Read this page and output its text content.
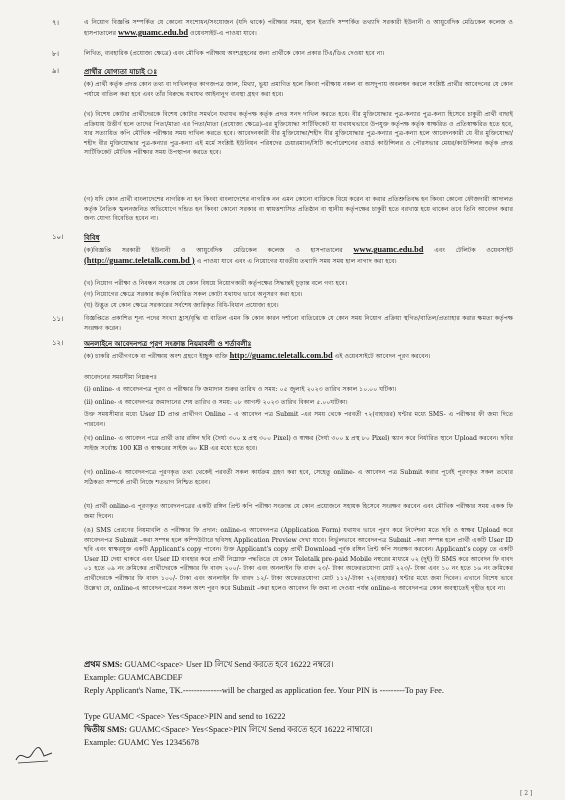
৭।	এ নিয়োগ বিজ্ঞপ্তি সম্পর্কিত যে কোনো সংশোধন/সংযোজন (যদি থাকে) পরীক্ষার সময়, স্থান ইত্যাদি সম্পর্কিত তথ্যাদি সরকারী ইউনানী ও আয়ুর্বেদিক মেডিকেল কলেজ ও হাসপাতালের www.guamc.edu.bd ওয়েবসাইট-এ পাওয়া যাবে।
৮।	লিখিত, ব্যবহারিক (প্রযোজ্য ক্ষেত্রে) এবং মৌখিক পরীক্ষায় অংশগ্রহনের জন্য প্রার্থীকে কোন প্রকার টিএ/ডিএ দেওয়া হবে না।
৯।	প্রার্থীর যোগ্যতা যাচাই ঃ
(ক) প্রার্থী কর্তৃক প্রদত্ত কোন তথ্য বা দাখিলকৃত কাগজপত্র জাল, মিথ্যা, ভুয়া প্রমাণিত হলে কিংবা পরীক্ষায় নকল বা অসদুপায় অবলম্বন করলে সংশ্লিষ্ট প্রার্থীর আবেদনের যে কোন পর্যায়ে বাতিল করা হবে এবং তাঁর বিরুদ্ধে যথাযথ আইনানুগ ব্যবস্থা গ্রহণ করা হবে।
(খ) বিশেষ কোটার প্রার্থীদেরকে বিশেষ কোটার সমর্থনে যথাযথ কর্তৃপক্ষ কর্তৃক প্রদত্ত সনদ দাখিল করতে হবে। বীর মুক্তিযোদ্ধার পুত্র-কন্যার পুত্র-কন্যা হিসেবে চাকুরী প্রার্থী বাছাই প্রক্রিয়ায় উত্তীর্ণ হলে তাদের পিতা/মাতা এর পিতা/মাতা (প্রযোজ্য ক্ষেত্রে)-এর মুক্তিযোদ্ধা সার্টিফিকেট যা যথাযথভাবে উপযুক্ত কর্তৃপক্ষ কর্তৃক স্বাক্ষরিত ও প্রতিস্বাক্ষরিত হতে হবে, যার সত্যায়িত কপি মৌখিক পরীক্ষার সময় দাখিল করতে হবে। আবেদনকারী বীর মুক্তিযোদ্ধা/শহীদ বীর মুক্তিযোদ্ধার পুত্র-কন্যার পুত্র-কন্যা হলে আবেদনকারী যে বীর মুক্তিযোদ্ধা/শহীদ বীর মুক্তিযোদ্ধার পুত্র-কন্যার পুত্র-কন্যা এই মর্মে সংশ্লিষ্ট ইউনিয়ন পরিষদের চেয়ারম্যান/সিটি কর্পোরেশনের ওয়ার্ড কাউন্সিলর ও পৌরসভার মেয়র/কাউন্সিলর কর্তৃক প্রদত্ত সার্টিফিকেট মৌখিক পরীক্ষার সময় উপস্থাপন করতে হবে।
(গ) যদি কোন প্রার্থী বাংলাদেশের নাগরিক না হন কিংবা বাংলাদেশের নাগরিক নন এমন কোনো ব্যক্তিকে বিয়ে করেন বা করার প্রতিশ্রুতিবদ্ধ হন কিংবা কোনো ফৌজদারী আদালত কর্তৃক নৈতিক স্খলনজনিত অভিযোগে দন্ডিত হন কিংবা কোনো সরকার বা স্বায়ত্তশাসিত প্রতিষ্ঠান বা স্থানীয় কর্তৃপক্ষের চাকুরী হতে বরখাস্ত হয়ে থাকেন তবে তিনি আবেদন করার জন্য যোগ্য বিবেচিত হবেন না।
১০।	বিবিধ
(ক)বিজ্ঞপ্তি সরকারী ইউনানী ও আয়ুর্বেদিক মেডিকেল কলেজ ও হাসপাতালের www.guamc.edu.bd এবং টেলিটক ওয়েবসাইট (http://guamc.teletalk.com.bd ) এ পাওয়া যাবে এবং এ নিয়োগের যাবতীয় তথ্যাদি সময় সময় হাল নাগাদ করা হবে।
(খ) নিয়োগ পরীক্ষা ও নিবন্ধন সংক্রান্ত যে কোন বিষয়ে নিয়োগকারী কর্তৃপক্ষের সিদ্ধান্তই চূড়ান্ত বলে গণ্য হবে।
(গ) নিয়োগের ক্ষেত্রে সরকার কর্তৃক নির্ধারিত সকল কোটা যথাযথ ভাবে অনুসরণ করা হবে।
(ঘ) উদ্ভূত যে কোন ক্ষেত্রে সরকারের সর্বশেষ জারিকৃত বিধি-বিধান প্রযোজ্য হবে।
১১।	বিজ্ঞপ্তিতে প্রকাশিত শূন্য পদের সংখ্যা হ্রাস/বৃদ্ধি বা বাতিল এমন কি কোন কারন দর্শানো ব্যতিরেকে যে কোন সময় নিয়োগ প্রক্রিয়া স্থগিত/বাতিল/প্রত্যাহার করার ক্ষমতা কর্তৃপক্ষ সংরক্ষণ করেন।
১২।	অনলাইনে আবেদনপত্র পূরণ সংক্রান্ত নিয়মাবলী ও শর্তাবলীঃ
(ক) চাকরি প্রার্থীগণকে বা পরীক্ষায় অংশ গ্রহণে ইচ্ছুক ব্যক্তি http://guamc.teletalk.com.bd এই ওয়েবসাইটে আবেদন পূরণ করবেন।
আবেদনের সময়সীমা নিম্নরূপঃ
(i) online- এ আবেদনপত্র পূরণ ও পরীক্ষার ফি জমাদান শুরুর তারিখ ও সময়: ০৫ জুলাই ২০২৩ তারিখ সকাল ১০.০০ ঘটিকা।
(ii) online- এ আবেদনপত্র জমাদানের শেষ তারিখ ও সময়: ০৮ আগস্ট ২০২৩ তারিখ বিকাল ৫.০০ঘটিকা।
উক্ত সময়সীমার মধ্যে User ID প্রাপ্ত প্রার্থীগণ Online – এ আবেদন পত্র Submit -এর সময় থেকে পরবর্তী ৭২(বাহাত্তর) ঘন্টার মধ্যে SMS- এ পরীক্ষার ফী জমা দিতে পারবেন।
(খ) online- এ আবেদন পত্রে প্রার্থী তার রঙ্গিন ছবি (দৈর্ঘ্য ৩০০ x প্রস্থ ৩০০ Pixel) ও স্বাক্ষর (দৈর্ঘ্য ৩০০ x প্রস্থ ৮০ Pixel) স্ক্যান করে নির্ধারিত স্থানে Upload করবেন। ছবির সাইজ সর্বোচ্চ 100 KB ও স্বাক্ষরের সাইজ ৬০ KB এর মধ্যে হতে হবে।
(গ) online-এ আবেদনপত্রে পূরণকৃত তথ্য থেকেই পরবর্তী সকল কার্যক্রম গ্রহণ করা হবে, সেহেতু online- এ আবেদন পত্র Submit করার পূর্বেই পূরণকৃত সকল তথ্যের সঠিকতা সম্পর্কে প্রার্থী নিজে শতভাগ নিশ্চিত হবেন।
(ঘ) প্রার্থী online-এ পূরণকৃত আবেদনপত্রের একটি রঙ্গিন প্রিন্ট কপি পরীক্ষা সংক্রান্ত যে কোন প্রয়োজনে সহায়ক হিসেবে সংরক্ষণ করবেন এবং মৌখিক পরীক্ষার সময় একক ফি জমা দিবেন।
(ঙ) SMS প্রেরণের নিয়মাবলি ও পরীক্ষার ফি প্রদান: online-এ আবেদনপত্র (Application Form) যথাযথ ভাবে পূরণ করে নির্দেশনা মতে ছবি ও স্বাক্ষর Upload করে আবেদনপত্র Submit –করা সম্পন্ন হলে কম্পিউটারে ছবিসহ Application Preview দেখা যাবে। নির্ভুলভাবে আবেদনপত্র Submit –করা সম্পন্ন হলে প্রার্থী একটি User ID ছবি এবং স্বাক্ষরযুক্ত একটি Applicant's copy পাবেন। উক্ত Applicant's copy প্রার্থী Download পূর্বক রঙ্গিন প্রিন্ট কপি সংরক্ষণ করবেন। Applicant's copy তে একটি User ID দেয়া থাকবে এবং User ID ব্যবহার করে প্রার্থী নিম্নোক্ত পদ্ধতিতে যে কোন Teletalk pre-paid Mobile নম্বরের মাধ্যমে ০২ (দুই) টি SMS করে আবেদন ফি বাবদ ০১ হতে ০৯ নং ক্রমিকের প্রার্থীদেরকে পরীক্ষার ফি বাবদ ২০০/- টাকা এবং অনলাইন ফি বাবদ ২৩/- টাকা অফেরতযোগ্য মোট ২২৩/- টাকা এবং ১০ নং হতে ১৬ নং ক্রমিকের প্রার্থীদেরকে পরীক্ষার ফি বাবদ ১০০/- টাকা এবং অনলাইন ফি বাবদ ১২/- টাকা অফেরতযোগ্য মোট ১১২/-টাকা ৭২(বাহাত্তর) ঘন্টার মধ্যে জমা দিবেন। এখানে বিশেষ ভাবে উল্লেখ্য যে, online-এ আবেদনপত্রের সকল অংশ পূরণ করে Submit –করা হলেও আবেদন ফি জমা না দেওয়া পর্যন্ত online-এ আবেদনপত্র কোন অবস্থাতেই গৃহীত হবে না।
প্রথম SMS: GUAMC<space> User ID লিখে Send করতে হবে 16222 নম্বরে।
Example: GUAMCABCDEF
Reply Applicant's Name, TK.--------------will be charged as application fee. Your PIN is ---------To pay Fee.
Type GUAMC <Space> Yes<Space>PIN and send to 16222
দ্বিতীয় SMS: GUAMC<Space> Yes<Space>PIN লিখে Send করতে হবে 16222 নাম্বারে।
Example: GUAMC Yes 12345678
[ 2 ]
